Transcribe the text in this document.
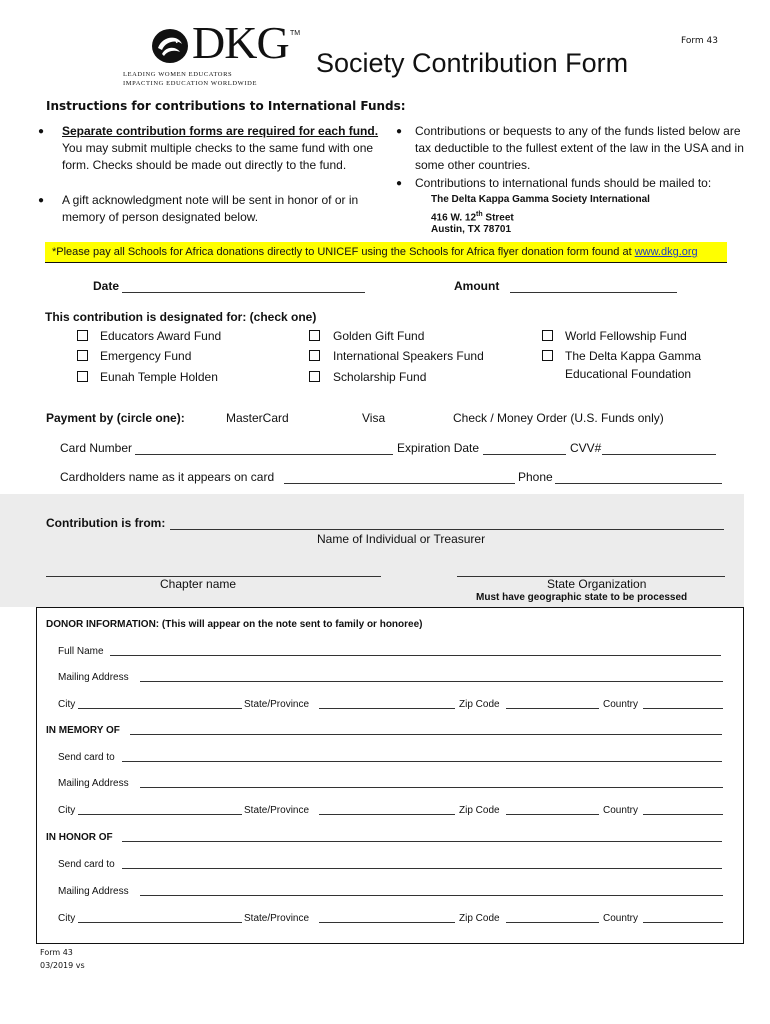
DKG TM
LEADING WOMEN EDUCATORS
IMPACTING EDUCATION WORLDWIDE
Society Contribution Form
Form 43
Instructions for contributions to International Funds:
● Separate contribution forms are required for each fund. You may submit multiple checks to the same fund with one form. Checks should be made out directly to the fund.
● A gift acknowledgment note will be sent in honor of or in memory of person designated below.
● Contributions or bequests to any of the funds listed below are tax deductible to the fullest extent of the law in the USA and in some other countries.
● Contributions to international funds should be mailed to:
The Delta Kappa Gamma Society International
416 W. 12th Street
Austin, TX 78701
*Please pay all Schools for Africa donations directly to UNICEF using the Schools for Africa flyer donation form found at www.dkg.org
Date	Amount
This contribution is designated for: (check one)
Educators Award Fund
Emergency Fund
Eunah Temple Holden
Golden Gift Fund
International Speakers Fund
Scholarship Fund
World Fellowship Fund
The Delta Kappa Gamma
Educational Foundation
Payment by (circle one):	MasterCard	Visa	Check / Money Order (U.S. Funds only)
Card Number	Expiration Date	CVV#
Cardholders name as it appears on card	Phone
Contribution is from:
Name of Individual or Treasurer
Chapter name	State Organization
Must have geographic state to be processed
DONOR INFORMATION: (This will appear on the note sent to family or honoree)
Full Name
Mailing Address
City	State/Province	Zip Code	Country
IN MEMORY OF
Send card to
Mailing Address
City	State/Province	Zip Code	Country
IN HONOR OF
Send card to
Mailing Address
City	State/Province	Zip Code	Country
Form 43
03/2019 vs
